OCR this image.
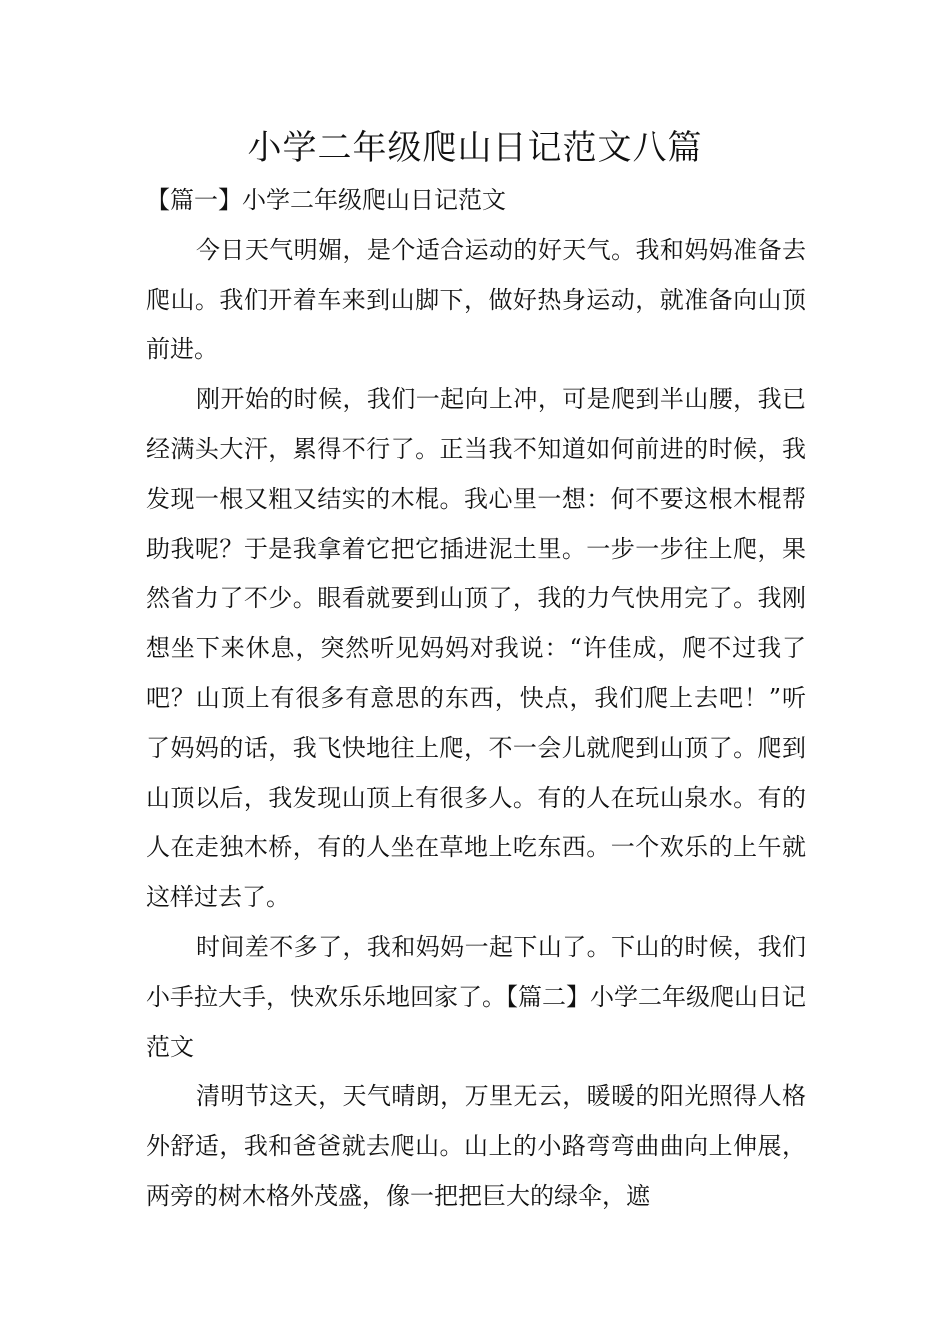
小学二年级爬山日记范文八篇

【篇一】小学二年级爬山日记范文

今日天气明媚，是个适合运动的好天气。我和妈妈准备去爬山。我们开着车来到山脚下，做好热身运动，就准备向山顶前进。

刚开始的时候，我们一起向上冲，可是爬到半山腰，我已经满头大汗，累得不行了。正当我不知道如何前进的时候，我发现一根又粗又结实的木棍。我心里一想：何不要这根木棍帮助我呢？于是我拿着它把它插进泥土里。一步一步往上爬，果然省力了不少。眼看就要到山顶了，我的力气快用完了。我刚想坐下来休息，突然听见妈妈对我说：“许佳成，爬不过我了吧？山顶上有很多有意思的东西，快点，我们爬上去吧！”听了妈妈的话，我飞快地往上爬，不一会儿就爬到山顶了。爬到山顶以后，我发现山顶上有很多人。有的人在玩山泉水。有的人在走独木桥，有的人坐在草地上吃东西。一个欢乐的上午就这样过去了。

时间差不多了，我和妈妈一起下山了。下山的时候，我们小手拉大手，快欢乐乐地回家了。【篇二】小学二年级爬山日记范文

清明节这天，天气晴朗，万里无云，暖暖的阳光照得人格外舒适，我和爸爸就去爬山。山上的小路弯弯曲曲向上伸展，两旁的树木格外茂盛，像一把把巨大的绿伞，遮
